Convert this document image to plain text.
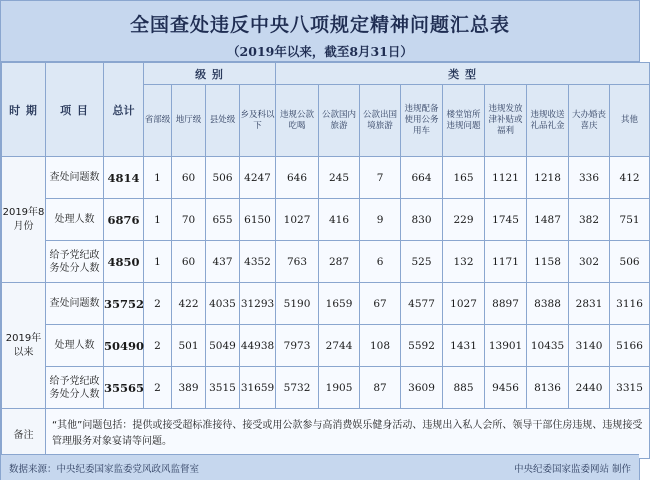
全国查处违反中央八项规定精神问题汇总表
（2019年以来，截至8月31日）
时 期	项 目	总计	级 别				类 型								
			省部级	地厅级	县处级	乡及科以下	违规公款吃喝	公款国内旅游	公款出国境旅游	违规配备使用公务用车	楼堂馆所违规问题	违规发放津补贴或福利	违规收送礼品礼金	大办婚丧喜庆	其他
2019年8月份	查处问题数	4814	1	60	506	4247	646	245	7	664	165	1121	1218	336	412
	处理人数	6876	1	70	655	6150	1027	416	9	830	229	1745	1487	382	751
	给予党纪政务处分人数	4850	1	60	437	4352	763	287	6	525	132	1171	1158	302	506
2019年以来	查处问题数	35752	2	422	4035	31293	5190	1659	67	4577	1027	8897	8388	2831	3116
	处理人数	50490	2	501	5049	44938	7973	2744	108	5592	1431	13901	10435	3140	5166
	给予党纪政务处分人数	35565	2	389	3515	31659	5732	1905	87	3609	885	9456	8136	2440	3315
备注	“其他”问题包括：提供或接受超标准接待、接受或用公款参与高消费娱乐健身活动、违规出入私人会所、领导干部住房违规、违规接受管理服务对象宴请等问题。														
数据来源：中央纪委国家监委党风政风监督室	中央纪委国家监委网站 制作
